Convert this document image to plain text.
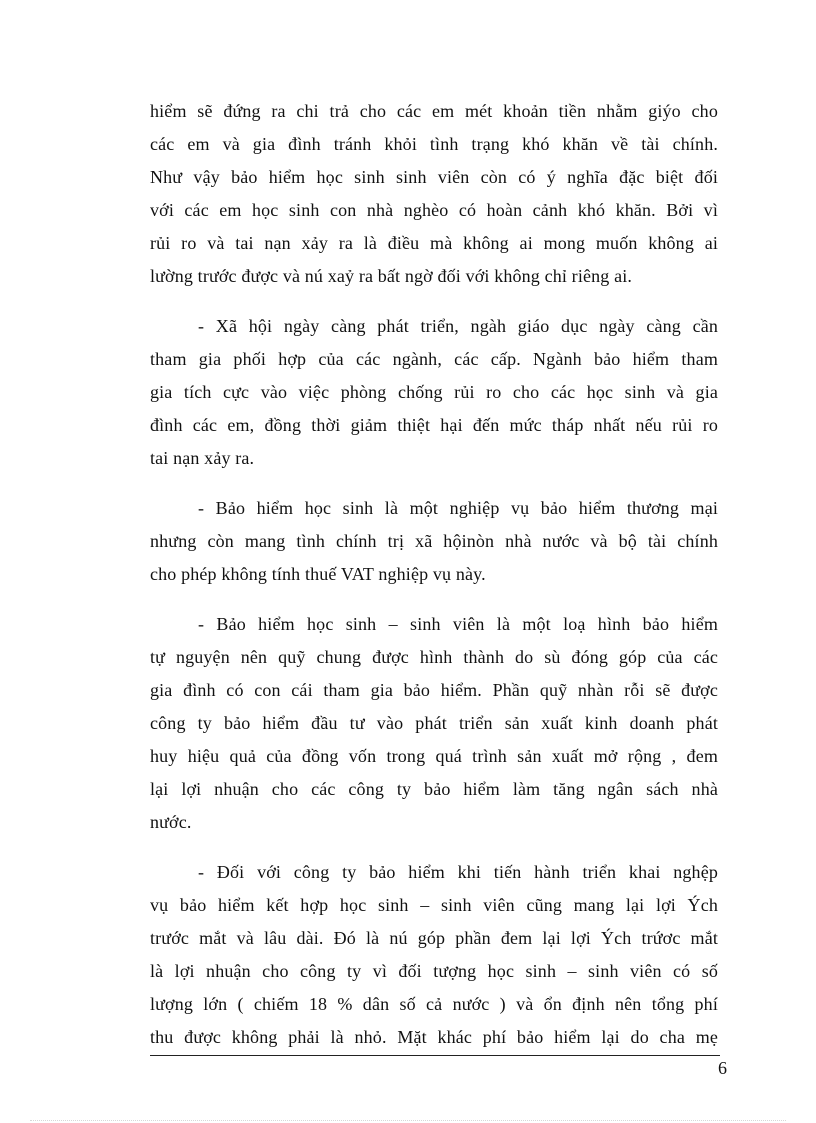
hiểm sẽ đứng ra chi trả cho các em mét khoản tiền nhằm giýo cho
các em và gia đình tránh khỏi tình trạng khó khăn về tài chính.
Như vậy bảo hiểm học sinh sinh viên còn có ý nghĩa đặc biệt đối
với các em học sinh con nhà nghèo có hoàn cảnh khó khăn. Bởi vì
rủi ro và tai nạn xảy ra là điều mà không ai mong muốn không ai
lường trước được và nú xaỷ ra bất ngờ đối với không chỉ riêng ai.
- Xã hội ngày càng phát triển, ngàh giáo dục ngày càng cần
tham gia phối hợp của các ngành, các cấp. Ngành bảo hiểm tham
gia tích cực vào việc phòng chống rủi ro cho các học sinh và gia
đình các em, đồng thời giảm thiệt hại đến mức tháp nhất nếu rủi ro
tai nạn xảy ra.
- Bảo hiểm học sinh là một nghiệp vụ bảo hiểm thương mại
nhưng còn mang tình chính trị xã hộinòn nhà nước và bộ tài chính
cho phép không tính thuế VAT nghiệp vụ này.
- Bảo hiểm học sinh – sinh viên là một loạ hình bảo hiểm
tự nguyện nên quỹ chung được hình thành do sù đóng góp của các
gia đình có con cái tham gia bảo hiểm. Phần quỹ nhàn rỗi sẽ được
công ty bảo hiểm đầu tư vào phát triển sản xuất kinh doanh phát
huy hiệu quả của đồng vốn trong quá trình sản xuất mở rộng , đem
lại lợi nhuận cho các công ty bảo hiểm làm tăng ngân sách nhà
nước.
- Đối với công ty bảo hiểm khi tiến hành triển khai nghệp
vụ bảo hiểm kết hợp học sinh – sinh viên cũng mang lại lợi Ých
trước mắt và lâu dài. Đó là nú góp phần đem lại lợi Ých trứơc mắt
là lợi nhuận cho công ty vì đối tượng học sinh – sinh viên có số
lượng lớn ( chiếm 18 % dân số cả nước ) và ổn định nên tổng phí
thu được không phải là nhỏ. Mặt khác phí bảo hiểm lại do cha mẹ
6
